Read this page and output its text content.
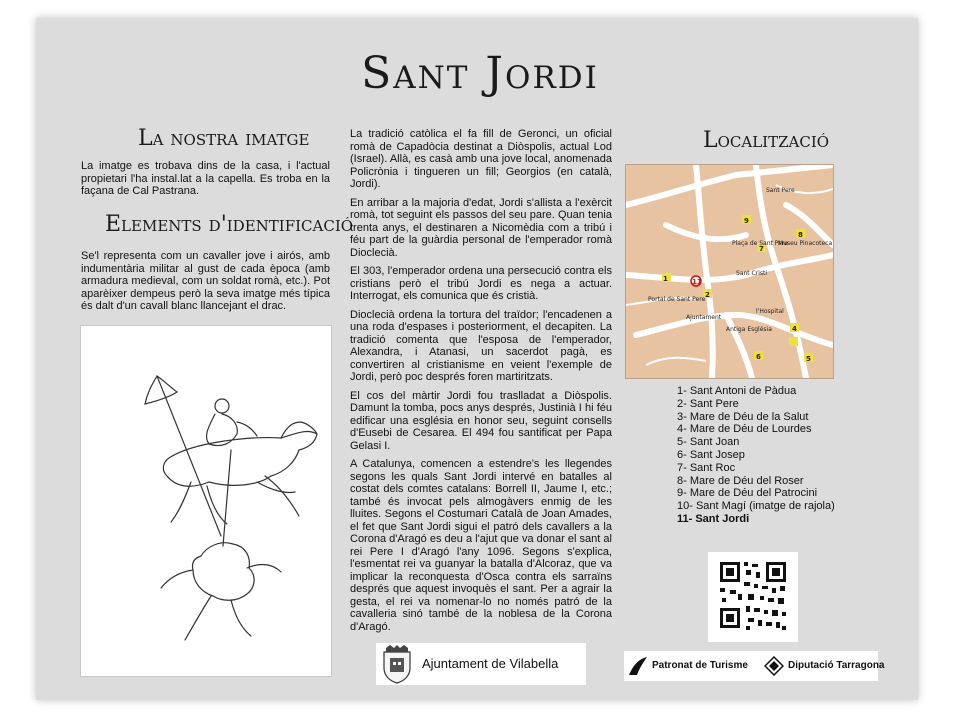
Sant Jordi
La nostra imatge
La imatge es trobava dins de la casa, i l'actual propietari l'ha instal.lat a la capella. Es troba en la façana de Cal Pastrana.
Elements d'identificació
Se'l representa com un cavaller jove i airós, amb indumentària militar al gust de cada època (amb armadura medieval, com un soldat romà, etc.). Pot aparèixer dempeus però la seva imatge més típica és dalt d'un cavall blanc llancejant el drac.

La tradició catòlica el fa fill de Geronci, un oficial romà de Capadòcia destinat a Diòspolis, actual Lod (Israel). Allà, es casà amb una jove local, anomenada Policrònia i tingueren un fill; Georgios (en català, Jordi).

En arribar a la majoria d'edat, Jordi s'allista a l'exèrcit romà, tot seguint els passos del seu pare. Quan tenia trenta anys, el destinaren a Nicomèdia com a tribú i féu part de la guàrdia personal de l'emperador romà Dioclecià.

El 303, l'emperador ordena una persecució contra els cristians però el tribú Jordi es nega a actuar. Interrogat, els comunica que és cristià.

Dioclecià ordena la tortura del traïdor; l'encadenen a una roda d'espases i posteriorment, el decapiten. La tradició comenta que l'esposa de l'emperador, Alexandra, i Atanasi, un sacerdot pagà, es convertiren al cristianisme en veient l'exemple de Jordi, però poc després foren martiritzats.

El cos del màrtir Jordi fou traslladat a Diòspolis. Damunt la tomba, pocs anys després, Justinià I hi féu edificar una església en honor seu, seguint consells d'Eusebi de Cesarea. El 494 fou santificat per Papa Gelasi I.

A Catalunya, comencen a estendre's les llegendes segons les quals Sant Jordi intervé en batalles al costat dels comtes catalans: Borrell II, Jaume I, etc.; també és invocat pels almogàvers enmig de les lluites. Segons el Costumari Català de Joan Amades, el fet que Sant Jordi sigui el patró dels cavallers a la Corona d'Aragó es deu a l'ajut que va donar el sant al rei Pere I d'Aragó l'any 1096. Segons s'explica, l'esmentat rei va guanyar la batalla d'Alcoraz, que va implicar la reconquesta d'Osca contra els sarraïns després que aquest invoquès el sant. Per a agrair la gesta, el rei va nomenar-lo no només patró de la cavalleria sinó també de la noblesa de la Corona d'Aragó.

Localització
1
2
4
5
6
7
8
9
11
Sant Pere
Museu Pinacoteca
Plaça de Sant Pere
Sant Cristi
Portal de Sant Pere
Ajuntament
l'Hospital
Antiga Església
1- Sant Antoni de Pàdua
2- Sant Pere
3- Mare de Déu de la Salut
4- Mare de Déu de Lourdes
5- Sant Joan
6- Sant Josep
7- Sant Roc
8- Mare de Déu del Roser
9- Mare de Déu del Patrocini
10- Sant Magí (imatge de rajola)
11- Sant Jordi
Ajuntament de Vilabella	Patronat de Turisme	Diputació Tarragona
